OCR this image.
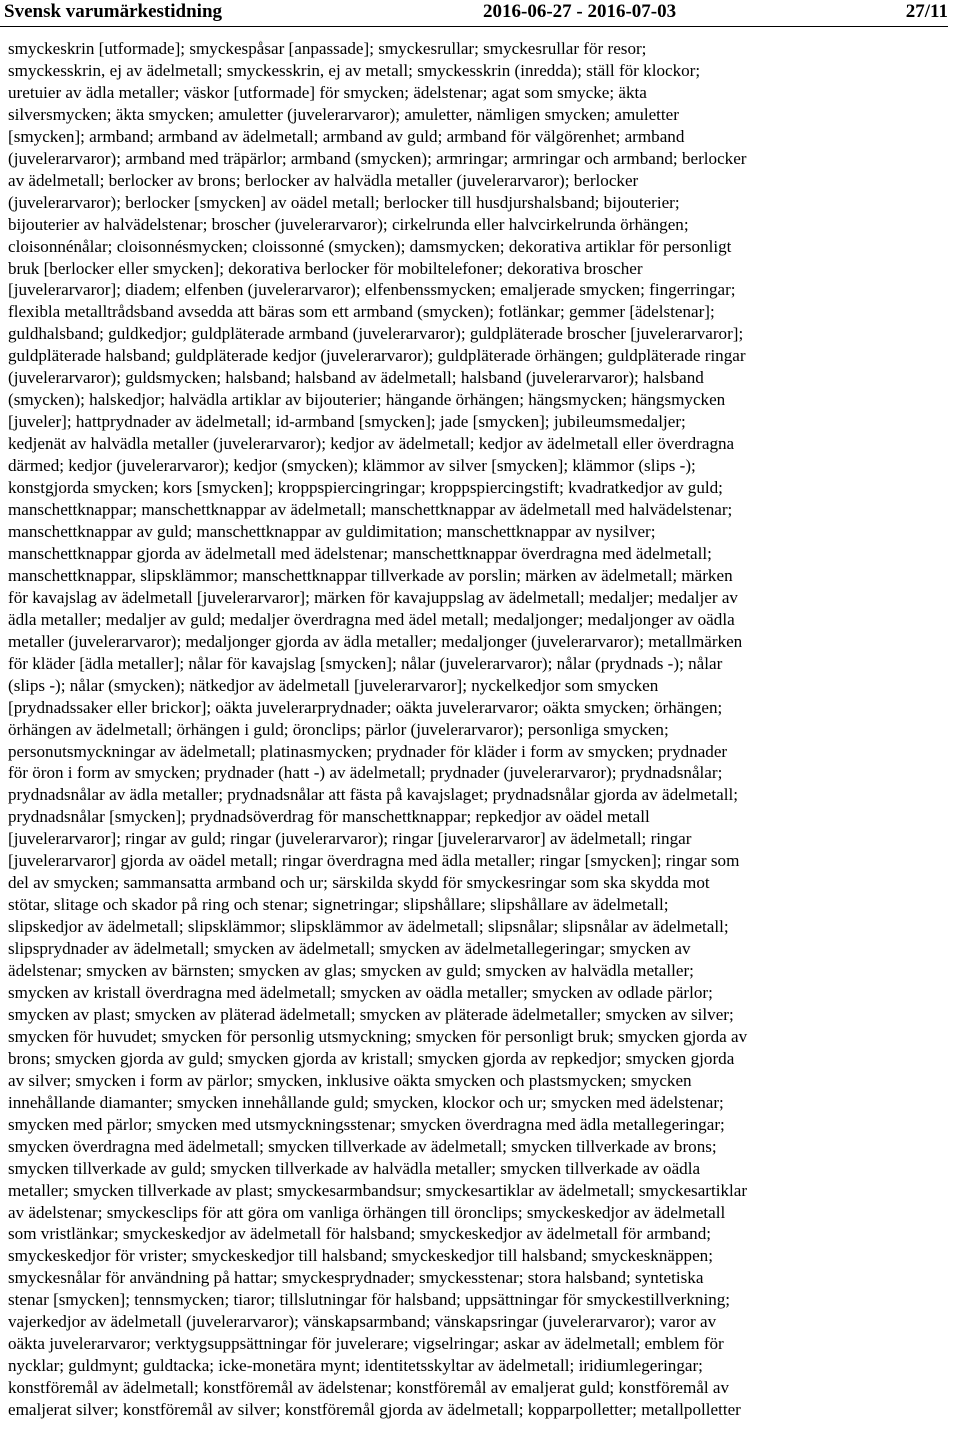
Svensk varumärkestidning	2016-06-27 - 2016-07-03	27/11
smyckeskrin [utformade]; smyckespåsar [anpassade]; smyckesrullar; smyckesrullar för resor;
smyckesskrin, ej av ädelmetall; smyckesskrin, ej av metall; smyckesskrin (inredda); ställ för klockor;
uretuier av ädla metaller; väskor [utformade] för smycken; ädelstenar; agat som smycke; äkta
silversmycken; äkta smycken; amuletter (juvelerarvaror); amuletter, nämligen smycken; amuletter
[smycken]; armband; armband av ädelmetall; armband av guld; armband för välgörenhet; armband
(juvelerarvaror); armband med träpärlor; armband (smycken); armringar; armringar och armband; berlocker
av ädelmetall; berlocker av brons; berlocker av halvädla metaller (juvelerarvaror); berlocker
(juvelerarvaror); berlocker [smycken] av oädel metall; berlocker till husdjurshalsband; bijouterier;
bijouterier av halvädelstenar; broscher (juvelerarvaror); cirkelrunda eller halvcirkelrunda örhängen;
cloisonnénålar; cloisonnésmycken; cloissonné (smycken); damsmycken; dekorativa artiklar för personligt
bruk [berlocker eller smycken]; dekorativa berlocker för mobiltelefoner; dekorativa broscher
[juvelerarvaror]; diadem; elfenben (juvelerarvaror); elfenbenssmycken; emaljerade smycken; fingerringar;
flexibla metalltrådsband avsedda att bäras som ett armband (smycken); fotlänkar; gemmer [ädelstenar];
guldhalsband; guldkedjor; guldpläterade armband (juvelerarvaror); guldpläterade broscher [juvelerarvaror];
guldpläterade halsband; guldpläterade kedjor (juvelerarvaror); guldpläterade örhängen; guldpläterade ringar
(juvelerarvaror); guldsmycken; halsband; halsband av ädelmetall; halsband (juvelerarvaror); halsband
(smycken); halskedjor; halvädla artiklar av bijouterier; hängande örhängen; hängsmycken; hängsmycken
[juveler]; hattprydnader av ädelmetall; id-armband [smycken]; jade [smycken]; jubileumsmedaljer;
kedjenät av halvädla metaller (juvelerarvaror); kedjor av ädelmetall; kedjor av ädelmetall eller överdragna
därmed; kedjor (juvelerarvaror); kedjor (smycken); klämmor av silver [smycken]; klämmor (slips -);
konstgjorda smycken; kors [smycken]; kroppspiercingringar; kroppspiercingstift; kvadratkedjor av guld;
manschettknappar; manschettknappar av ädelmetall; manschettknappar av ädelmetall med halvädelstenar;
manschettknappar av guld; manschettknappar av guldimitation; manschettknappar av nysilver;
manschettknappar gjorda av ädelmetall med ädelstenar; manschettknappar överdragna med ädelmetall;
manschettknappar, slipsklämmor; manschettknappar tillverkade av porslin; märken av ädelmetall; märken
för kavajslag av ädelmetall [juvelerarvaror]; märken för kavajuppslag av ädelmetall; medaljer; medaljer av
ädla metaller; medaljer av guld; medaljer överdragna med ädel metall; medaljonger; medaljonger av oädla
metaller (juvelerarvaror); medaljonger gjorda av ädla metaller; medaljonger (juvelerarvaror); metallmärken
för kläder [ädla metaller]; nålar för kavajslag [smycken]; nålar (juvelerarvaror); nålar (prydnads -); nålar
(slips -); nålar (smycken); nätkedjor av ädelmetall [juvelerarvaror]; nyckelkedjor som smycken
[prydnadssaker eller brickor]; oäkta juvelerarprydnader; oäkta juvelerarvaror; oäkta smycken; örhängen;
örhängen av ädelmetall; örhängen i guld; öronclips; pärlor (juvelerarvaror); personliga smycken;
personutsmyckningar av ädelmetall; platinasmycken; prydnader för kläder i form av smycken; prydnader
för öron i form av smycken; prydnader (hatt -) av ädelmetall; prydnader (juvelerarvaror); prydnadsnålar;
prydnadsnålar av ädla metaller; prydnadsnålar att fästa på kavajslaget; prydnadsnålar gjorda av ädelmetall;
prydnadsnålar [smycken]; prydnadsöverdrag för manschettknappar; repkedjor av oädel metall
[juvelerarvaror]; ringar av guld; ringar (juvelerarvaror); ringar [juvelerarvaror] av ädelmetall; ringar
[juvelerarvaror] gjorda av oädel metall; ringar överdragna med ädla metaller; ringar [smycken]; ringar som
del av smycken; sammansatta armband och ur; särskilda skydd för smyckesringar som ska skydda mot
stötar, slitage och skador på ring och stenar; signetringar; slipshållare; slipshållare av ädelmetall;
slipskedjor av ädelmetall; slipsklämmor; slipsklämmor av ädelmetall; slipsnålar; slipsnålar av ädelmetall;
slipsprydnader av ädelmetall; smycken av ädelmetall; smycken av ädelmetallegeringar; smycken av
ädelstenar; smycken av bärnsten; smycken av glas; smycken av guld; smycken av halvädla metaller;
smycken av kristall överdragna med ädelmetall; smycken av oädla metaller; smycken av odlade pärlor;
smycken av plast; smycken av pläterad ädelmetall; smycken av pläterade ädelmetaller; smycken av silver;
smycken för huvudet; smycken för personlig utsmyckning; smycken för personligt bruk; smycken gjorda av
brons; smycken gjorda av guld; smycken gjorda av kristall; smycken gjorda av repkedjor; smycken gjorda
av silver; smycken i form av pärlor; smycken, inklusive oäkta smycken och plastsmycken; smycken
innehållande diamanter; smycken innehållande guld; smycken, klockor och ur; smycken med ädelstenar;
smycken med pärlor; smycken med utsmyckningsstenar; smycken överdragna med ädla metallegeringar;
smycken överdragna med ädelmetall; smycken tillverkade av ädelmetall; smycken tillverkade av brons;
smycken tillverkade av guld; smycken tillverkade av halvädla metaller; smycken tillverkade av oädla
metaller; smycken tillverkade av plast; smyckesarmbandsur; smyckesartiklar av ädelmetall; smyckesartiklar
av ädelstenar; smyckesclips för att göra om vanliga örhängen till öronclips; smyckeskedjor av ädelmetall
som vristlänkar; smyckeskedjor av ädelmetall för halsband; smyckeskedjor av ädelmetall för armband;
smyckeskedjor för vrister; smyckeskedjor till halsband; smyckeskedjor till halsband; smyckesknäppen;
smyckesnålar för användning på hattar; smyckesprydnader; smyckesstenar; stora halsband; syntetiska
stenar [smycken]; tennsmycken; tiaror; tillslutningar för halsband; uppsättningar för smyckestillverkning;
vajerkedjor av ädelmetall (juvelerarvaror); vänskapsarmband; vänskapsringar (juvelerarvaror); varor av
oäkta juvelerarvaror; verktygsuppsättningar för juvelerare; vigselringar; askar av ädelmetall; emblem för
nycklar; guldmynt; guldtacka; icke-monetära mynt; identitetsskyltar av ädelmetall; iridiumlegeringar;
konstföremål av ädelmetall; konstföremål av ädelstenar; konstföremål av emaljerat guld; konstföremål av
emaljerat silver; konstföremål av silver; konstföremål gjorda av ädelmetall; kopparpolletter; metallpolletter
